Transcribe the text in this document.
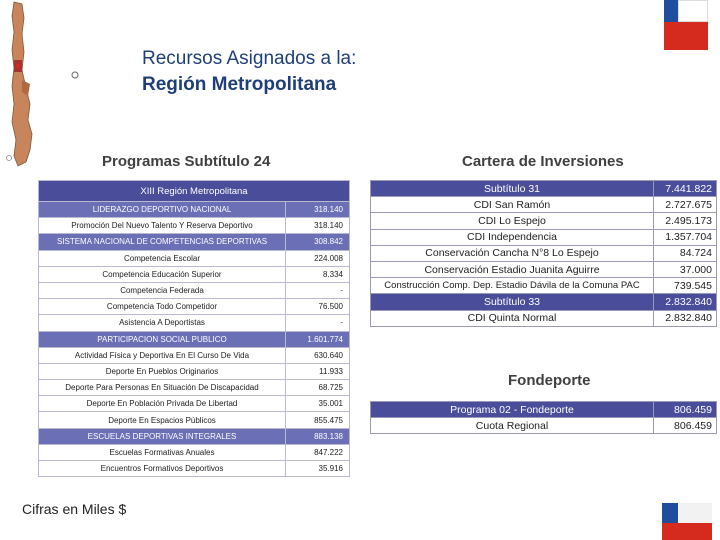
Recursos Asignados a la:
Región Metropolitana
Programas Subtítulo 24	Cartera de Inversiones
Fondeporte
XIII Región Metropolitana	
LIDERAZGO DEPORTIVO NACIONAL	318.140
Promoción Del Nuevo Talento Y Reserva Deportivo	318.140
SISTEMA NACIONAL DE COMPETENCIAS DEPORTIVAS	308.842
Competencia Escolar	224.008
Competencia Educación Superior	8.334
Competencia Federada	-
Competencia Todo Competidor	76.500
Asistencia A Deportistas	-
PARTICIPACION SOCIAL PUBLICO	1.601.774
Actividad Física y Deportiva En El Curso De Vida	630.640
Deporte En Pueblos Originarios	11.933
Deporte Para Personas En Situación De Discapacidad	68.725
Deporte En Población Privada De Libertad	35.001
Deporte En Espacios Públicos	855.475
ESCUELAS DEPORTIVAS INTEGRALES	883.138
Escuelas Formativas Anuales	847.222
Encuentros Formativos Deportivos	35.916
Subtítulo 31	7.441.822
CDI San Ramón	2.727.675
CDI Lo Espejo	2.495.173
CDI Independencia	1.357.704
Conservación Cancha N°8 Lo Espejo	84.724
Conservación Estadio Juanita Aguirre	37.000
Construcción Comp. Dep. Estadio Dávila de la Comuna PAC	739.545
Subtítulo 33	2.832.840
CDI Quinta Normal	2.832.840
Programa 02 - Fondeporte	806.459
Cuota Regional	806.459
Cifras en Miles $
